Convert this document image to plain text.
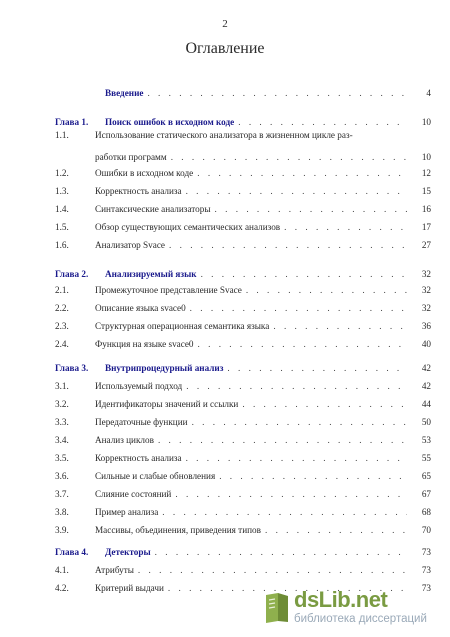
2
Оглавление
Введение . . .	4
Глава 1.	Поиск ошибок в исходном коде . . .	10
1.1.	Использование статического анализатора в жизненном цикле раз-
работки программ . . .	10
1.2.	Ошибки в исходном коде . . .	12
1.3.	Корректность анализа . . .	15
1.4.	Синтаксические анализаторы . . .	16
1.5.	Обзор существующих семантических анализов . . .	17
1.6.	Анализатор Svace . . .	27
Глава 2.	Анализируемый язык . . .	32
2.1.	Промежуточное представление Svace . . .	32
2.2.	Описание языка svace0 . . .	32
2.3.	Структурная операционная семантика языка . . .	36
2.4.	Функция на языке svace0 . . .	40
Глава 3.	Внутрипроцедурный анализ . . .	42
3.1.	Используемый подход . . .	42
3.2.	Идентификаторы значений и ссылки . . .	44
3.3.	Передаточные функции . . .	50
3.4.	Анализ циклов . . .	53
3.5.	Корректность анализа . . .	55
3.6.	Сильные и слабые обновления . . .	65
3.7.	Слияние состояний . . .	67
3.8.	Пример анализа . . .	68
3.9.	Массивы, объединения, приведения типов . . .	70
Глава 4.	Детекторы . . .	73
4.1.	Атрибуты . . .	73
4.2.	Критерий выдачи . . .	73
dsLib.net
библиотека диссертаций
